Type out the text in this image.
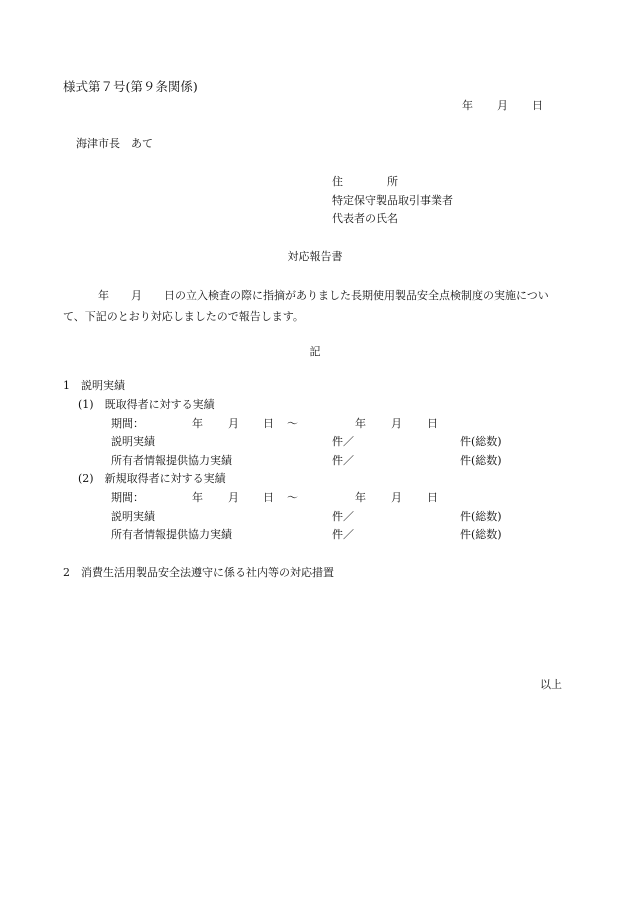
様式第７号(第９条関係)
年 月 日
海津市長　あて
住　　　　所
特定保守製品取引事業者
代表者の氏名
対応報告書
年　　月　　日の立入検査の際に指摘がありました長期使用製品安全点検制度の実施について、下記のとおり対応しましたので報告します。
記
1　説明実績
(1)　既取得者に対する実績
期間：	年 月 日 ～	年 月 日
説明実績	件／	件(総数)
所有者情報提供協力実績	件／	件(総数)
(2)　新規取得者に対する実績
期間：	年 月 日 ～	年 月 日
説明実績	件／	件(総数)
所有者情報提供協力実績	件／	件(総数)
2　消費生活用製品安全法遵守に係る社内等の対応措置
以上
